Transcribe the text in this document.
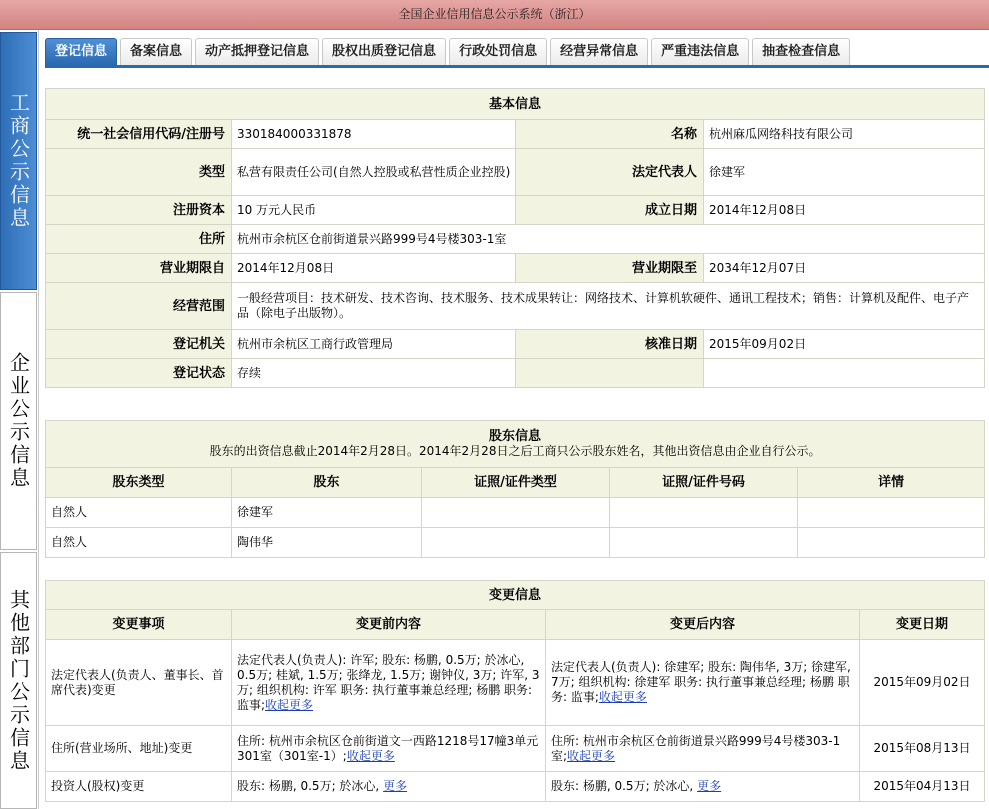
全国企业信用信息公示系统（浙江）
工商公示信息
企业公示信息
其他部门公示信息
登记信息	备案信息	动产抵押登记信息	股权出质登记信息	行政处罚信息	经营异常信息	严重违法信息	抽查检查信息
基本信息			
统一社会信用代码/注册号	330184000331878	名称	杭州麻瓜网络科技有限公司
类型	私营有限责任公司(自然人控股或私营性质企业控股)	法定代表人	徐建军
注册资本	10 万元人民币	成立日期	2014年12月08日
住所	杭州市余杭区仓前街道景兴路999号4号楼303-1室		
营业期限自	2014年12月08日	营业期限至	2034年12月07日
经营范围	一般经营项目：技术研发、技术咨询、技术服务、技术成果转让：网络技术、计算机软硬件、通讯工程技术；销售：计算机及配件、电子产品（除电子出版物）。		
登记机关	杭州市余杭区工商行政管理局	核准日期	2015年09月02日
登记状态	存续		
股东信息
股东的出资信息截止2014年2月28日。2014年2月28日之后工商只公示股东姓名，其他出资信息由企业自行公示。				

股东类型	股东	证照/证件类型	证照/证件号码	详情
自然人	徐建军			
自然人	陶伟华			
变更信息			
变更事项	变更前内容	变更后内容	变更日期
法定代表人(负责人、董事长、首席代表)变更	法定代表人(负责人): 许军; 股东: 杨鹏, 0.5万; 於冰心, 0.5万; 桂斌, 1.5万; 张绛龙, 1.5万; 谢钟仪, 3万; 许军, 3万; 组织机构: 许军 职务: 执行董事兼总经理; 杨鹏 职务: 监事;收起更多	法定代表人(负责人): 徐建军; 股东: 陶伟华, 3万; 徐建军, 7万; 组织机构: 徐建军 职务: 执行董事兼总经理; 杨鹏 职务: 监事;收起更多	2015年09月02日
住所(营业场所、地址)变更	住所: 杭州市余杭区仓前街道文一西路1218号17幢3单元301室（301室-1）;收起更多	住所: 杭州市余杭区仓前街道景兴路999号4号楼303-1室;收起更多	2015年08月13日
投资人(股权)变更	股东: 杨鹏, 0.5万; 於冰心, 更多	股东: 杨鹏, 0.5万; 於冰心, 更多	2015年04月13日
